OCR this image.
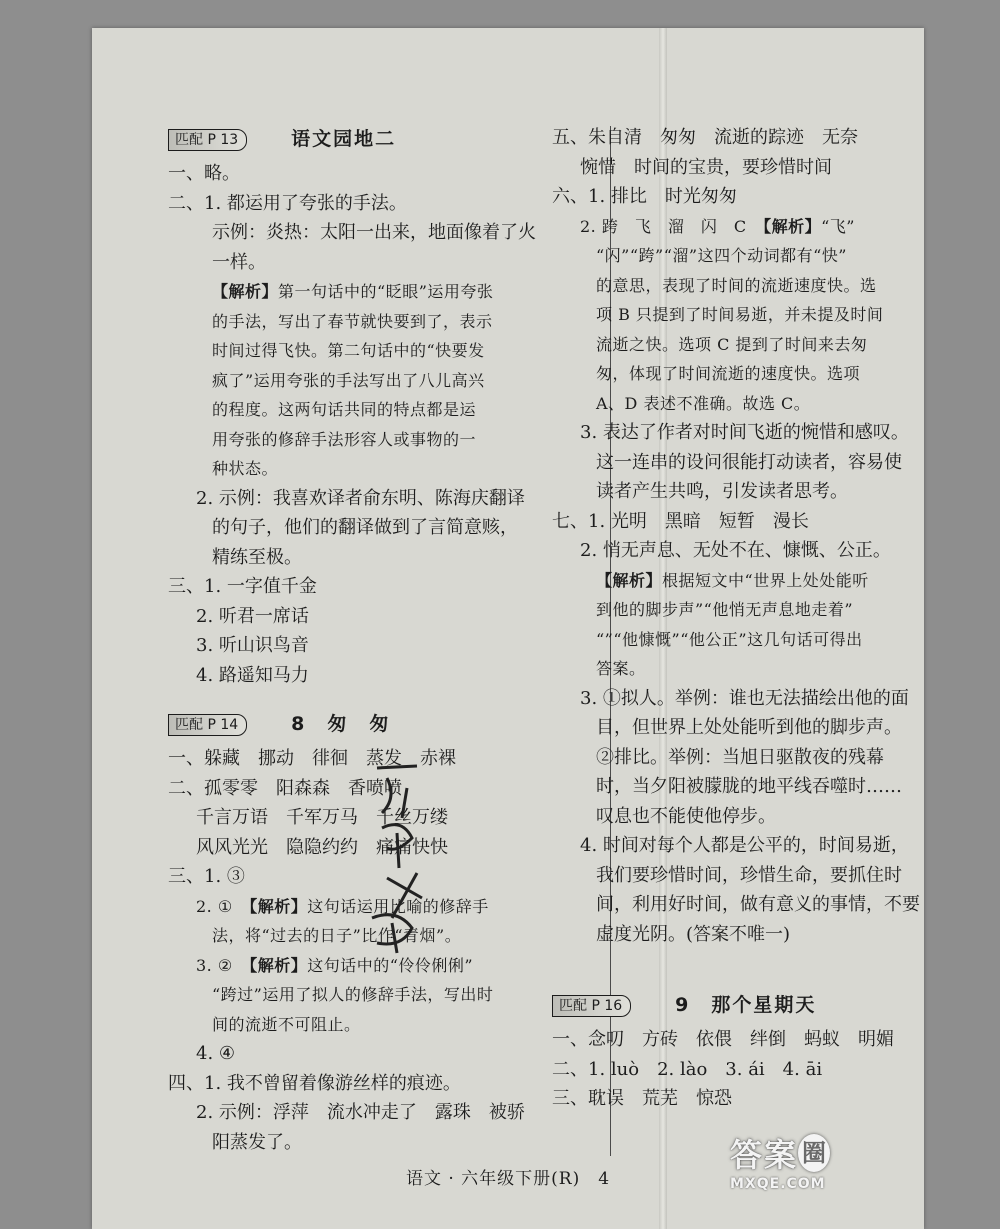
匹配 P 13	语文园地二
一、略。
二、1. 都运用了夸张的手法。
示例：炎热：太阳一出来，地面像着了火
一样。
【解析】第一句话中的“眨眼”运用夸张
的手法，写出了春节就快要到了，表示
时间过得飞快。第二句话中的“快要发
疯了”运用夸张的手法写出了八儿高兴
的程度。这两句话共同的特点都是运
用夸张的修辞手法形容人或事物的一
种状态。
2. 示例：我喜欢译者俞东明、陈海庆翻译
的句子，他们的翻译做到了言简意赅，
精练至极。
三、1. 一字值千金
2. 听君一席话
3. 听山识鸟音
4. 路遥知马力
匹配 P 14	8　匆　匆
一、躲藏　挪动　徘徊　蒸发　赤裸
二、孤零零　阳森森　香喷喷
千言万语　千军万马　千丝万缕
风风光光　隐隐约约　痛痛快快
三、1. ③
2. ①　【解析】这句话运用比喻的修辞手
法，将“过去的日子”比作“青烟”。
3. ②　【解析】这句话中的“伶伶俐俐”
“跨过”运用了拟人的修辞手法，写出时
间的流逝不可阻止。
4. ④
四、1. 我不曾留着像游丝样的痕迹。
2. 示例：浮萍　流水冲走了　露珠　被骄
阳蒸发了。
五、朱自清　匆匆　流逝的踪迹　无奈
惋惜　时间的宝贵，要珍惜时间
六、1. 排比　时光匆匆
2. 跨　飞　溜　闪　C　【解析】“飞”
“闪”“跨”“溜”这四个动词都有“快”
的意思，表现了时间的流逝速度快。选
项 B 只提到了时间易逝，并未提及时间
流逝之快。选项 C 提到了时间来去匆
匆，体现了时间流逝的速度快。选项
A、D 表述不准确。故选 C。
3. 表达了作者对时间飞逝的惋惜和感叹。
这一连串的设问很能打动读者，容易使
读者产生共鸣，引发读者思考。
七、1. 光明　黑暗　短暂　漫长
2. 悄无声息、无处不在、慷慨、公正。
【解析】根据短文中“世界上处处能听
到他的脚步声”“他悄无声息地走着”
“”“他慷慨”“他公正”这几句话可得出
答案。
3. ①拟人。举例：谁也无法描绘出他的面
目，但世界上处处能听到他的脚步声。
②排比。举例：当旭日驱散夜的残幕
时，当夕阳被朦胧的地平线吞噬时……
叹息也不能使他停步。
4. 时间对每个人都是公平的，时间易逝，
我们要珍惜时间，珍惜生命，要抓住时
间，利用好时间，做有意义的事情，不要
虚度光阴。(答案不唯一)
匹配 P 16	9　那个星期天
一、念叨　方砖　依偎　绊倒　蚂蚁　明媚
二、1. luò　2. lào　3. ái　4. āi
三、耽误　荒芜　惊恐
语文 · 六年级下册(R)　4
答 案 圈
MXQE.COM
